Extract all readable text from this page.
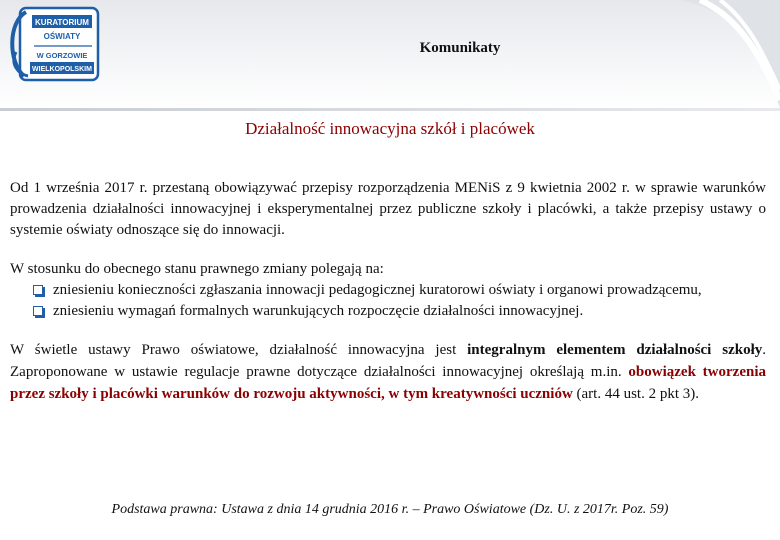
KURATORIUM
OŚWIATY
W GORZOWIE
WIELKOPOLSKIM
Komunikaty
Działalność innowacyjna szkół i placówek

Od 1 września 2017 r. przestaną obowiązywać przepisy rozporządzenia MENiS z 9 kwietnia 2002 r. w sprawie warunków prowadzenia działalności innowacyjnej i eksperymentalnej przez publiczne szkoły i placówki, a także przepisy ustawy o systemie oświaty odnoszące się do innowacji.

W stosunku do obecnego stanu prawnego zmiany polegają na:

zniesieniu konieczności zgłaszania innowacji pedagogicznej kuratorowi oświaty i organowi prowadzącemu,
zniesieniu wymagań formalnych warunkujących rozpoczęcie działalności innowacyjnej.

W świetle ustawy Prawo oświatowe, działalność innowacyjna jest integralnym elementem działalności szkoły. Zaproponowane w ustawie regulacje prawne dotyczące działalności innowacyjnej określają m.in. obowiązek tworzenia przez szkoły i placówki warunków do rozwoju aktywności, w tym kreatywności uczniów (art. 44 ust. 2 pkt 3).

Podstawa prawna: Ustawa z dnia 14 grudnia 2016 r. – Prawo Oświatowe (Dz. U. z 2017r. Poz. 59)
